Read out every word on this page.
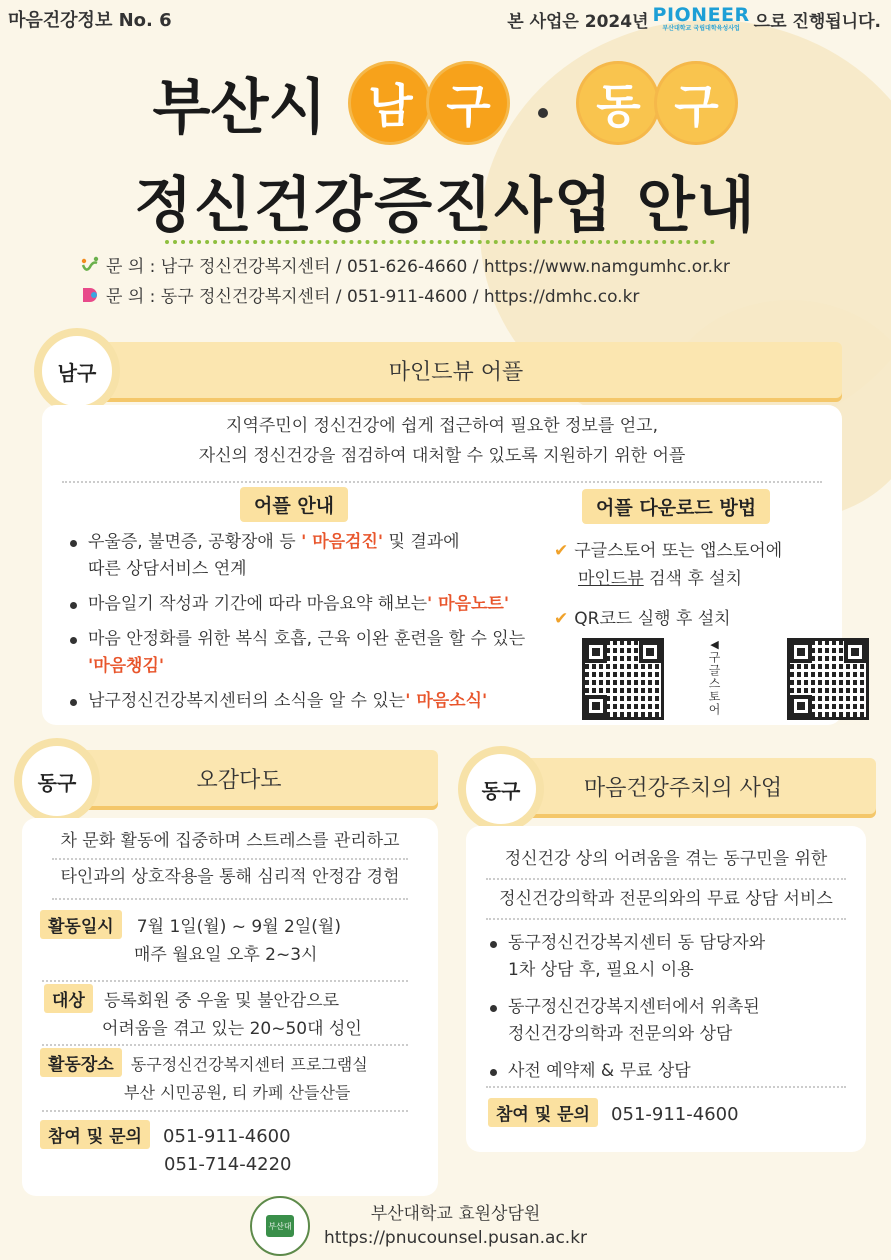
마음건강정보 No. 6	본 사업은 2024년 PIONEER
부산대학교 국립대학육성사업 으로 진행됩니다.
부산시 남 구	동 구
정신건강증진사업 안내
문 의 : 남구 정신건강복지센터 / 051-626-4660 / https://www.namgumhc.or.kr
문 의 : 동구 정신건강복지센터 / 051-911-4600 / https://dmhc.co.kr
마인드뷰 어플
남구
지역주민이 정신건강에 쉽게 접근하여 필요한 정보를 얻고,
자신의 정신건강을 점검하여 대처할 수 있도록 지원하기 위한 어플
어플 안내
우울증, 불면증, 공황장애 등 ' 마음검진' 및 결과에
따른 상담서비스 연계
마음일기 작성과 기간에 따라 마음요약 해보는' 마음노트'
마음 안정화를 위한 복식 호흡, 근육 이완 훈련을 할 수 있는
'마음챙김'
남구정신건강복지센터의 소식을 알 수 있는' 마음소식'
어플 다운로드 방법
✔ 구글스토어 또는 앱스토어에
마인드뷰 검색 후 설치
✔ QR코드 실행 후 설치
◀
구글스토어
오감다도
동구
차 문화 활동에 집중하며 스트레스를 관리하고
타인과의 상호작용을 통해 심리적 안정감 경험
활동일시 7월 1일(월) ~ 9월 2일(월)
매주 월요일 오후 2~3시
대상 등록회원 중 우울 및 불안감으로
어려움을 겪고 있는 20~50대 성인
활동장소 동구정신건강복지센터 프로그램실
부산 시민공원, 티 카페 산들산들
참여 및 문의 051-911-4600
051-714-4220
마음건강주치의 사업
동구
정신건강 상의 어려움을 겪는 동구민을 위한
정신건강의학과 전문의와의 무료 상담 서비스
동구정신건강복지센터 동 담당자와
1차 상담 후, 필요시 이용
동구정신건강복지센터에서 위촉된
정신건강의학과 전문의와 상담
사전 예약제 & 무료 상담
참여 및 문의 051-911-4600
부산대
부산대학교 효원상담원
https://pnucounsel.pusan.ac.kr
